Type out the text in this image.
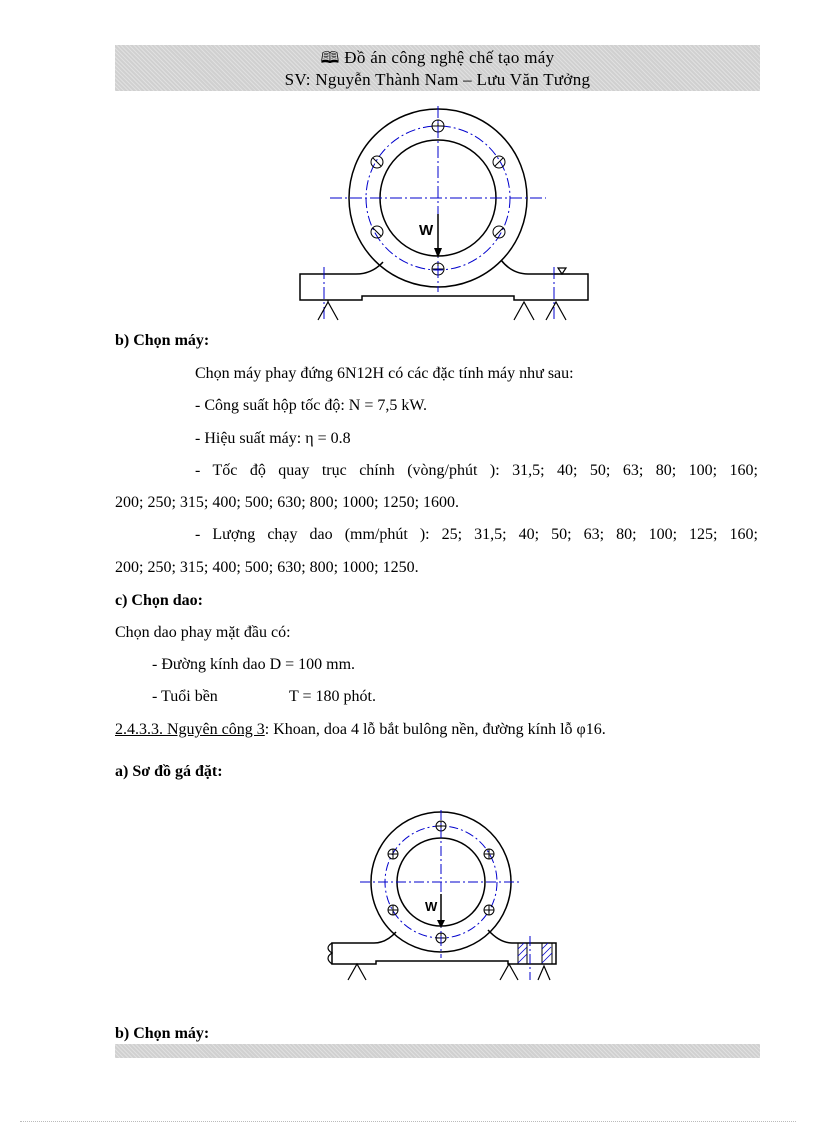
🕮 Đồ án công nghệ chế tạo máy
SV: Nguyễn Thành Nam – Lưu Văn Tưởng
W
b) Chọn máy:
Chọn máy phay đứng 6N12H có các đặc tính máy như sau:
- Công suất hộp tốc độ: N = 7,5 kW.
- Hiệu suất máy: η = 0.8
- Tốc độ quay trục chính (vòng/phút ): 31,5; 40; 50; 63; 80; 100; 160;
200; 250; 315; 400; 500; 630; 800; 1000; 1250; 1600.
- Lượng chạy dao (mm/phút ): 25; 31,5; 40; 50; 63; 80; 100; 125; 160;
200; 250; 315; 400; 500; 630; 800; 1000; 1250.
c) Chọn dao:
Chọn dao phay mặt đầu có:
- Đường kính dao D = 100 mm.
- Tuổi bền	T = 180 phót.
2.4.3.3. Nguyên công 3: Khoan, doa 4 lỗ bắt bulông nền, đường kính lỗ φ16.
a) Sơ đồ gá đặt:
W
b) Chọn máy:
